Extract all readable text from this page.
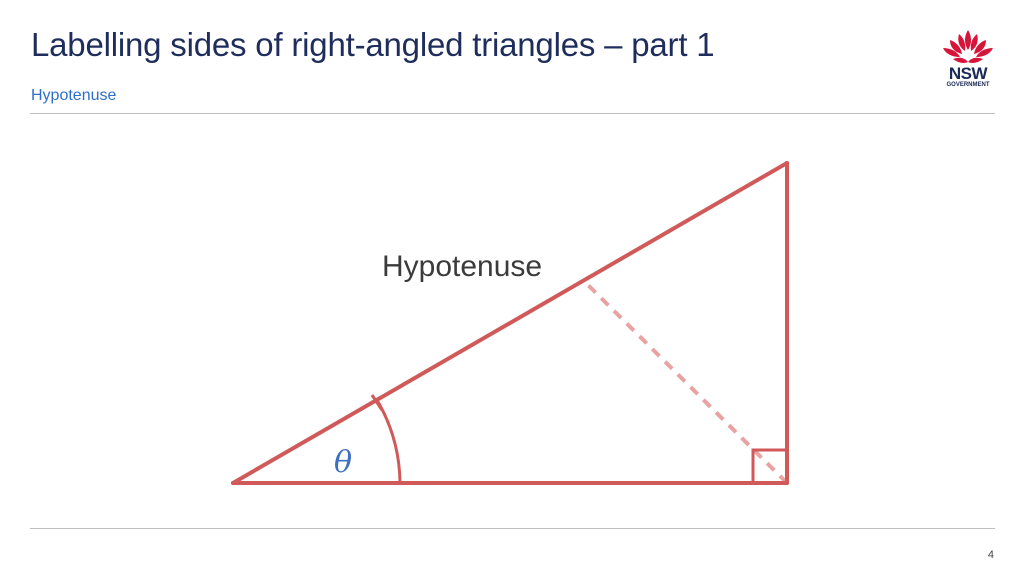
Labelling sides of right-angled triangles – part 1
Hypotenuse
NSW
GOVERNMENT
Hypotenuse
θ
4
